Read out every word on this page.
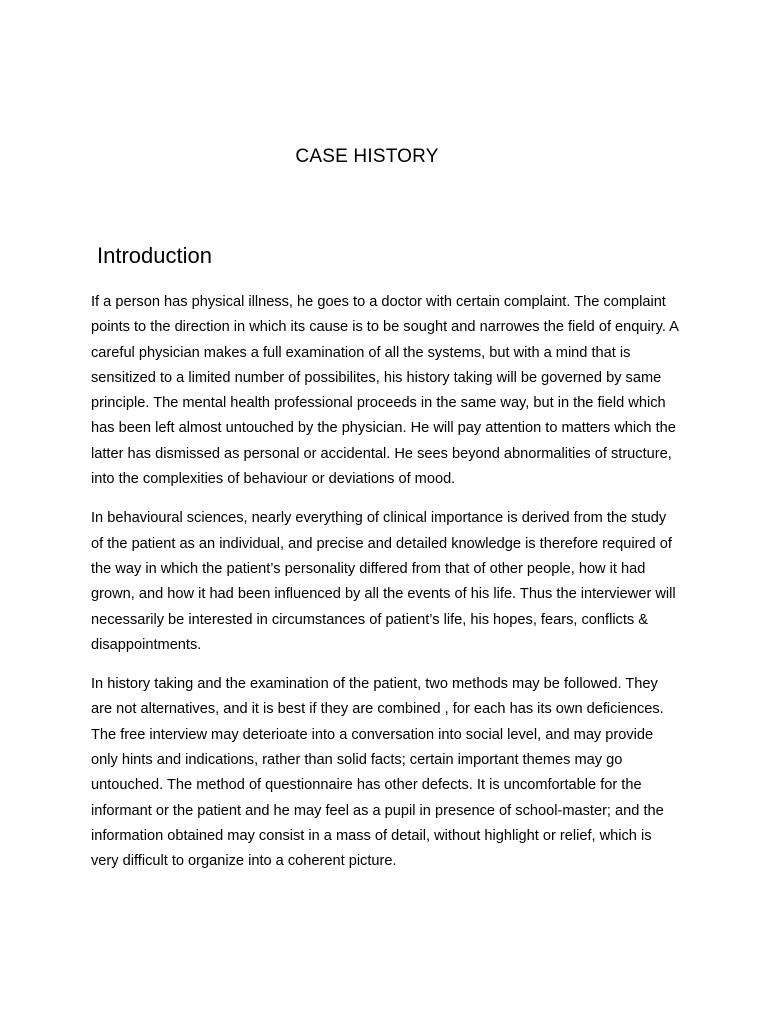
CASE HISTORY
Introduction

If a person has physical illness, he goes to a doctor with certain complaint. The complaint points to the direction in which its cause is to be sought and narrowes the field of enquiry. A careful physician makes a full examination of all the systems, but with a mind that is sensitized to a limited number of possibilites, his history taking will be governed by same principle. The mental health professional proceeds in the same way, but in the field which has been left almost untouched by the physician. He will pay attention to matters which the latter has dismissed as personal or accidental. He sees beyond abnormalities of structure, into the complexities of behaviour or deviations of mood.

In behavioural sciences, nearly everything of clinical importance is derived from the study of the patient as an individual, and precise and detailed knowledge is therefore required of the way in which the patient’s personality differed from that of other people, how it had grown, and how it had been influenced by all the events of his life. Thus the interviewer will necessarily be interested in circumstances of patient’s life, his hopes, fears, conflicts & disappointments.

In history taking and the examination of the patient, two methods may be followed. They are not alternatives, and it is best if they are combined , for each has its own deficiences. The free interview may deterioate into a conversation into social level, and may provide only hints and indications, rather than solid facts; certain important themes may go untouched. The method of questionnaire has other defects. It is uncomfortable for the informant or the patient and he may feel as a pupil in presence of school-master; and the information obtained may consist in a mass of detail, without highlight or relief, which is very difficult to organize into a coherent picture.
